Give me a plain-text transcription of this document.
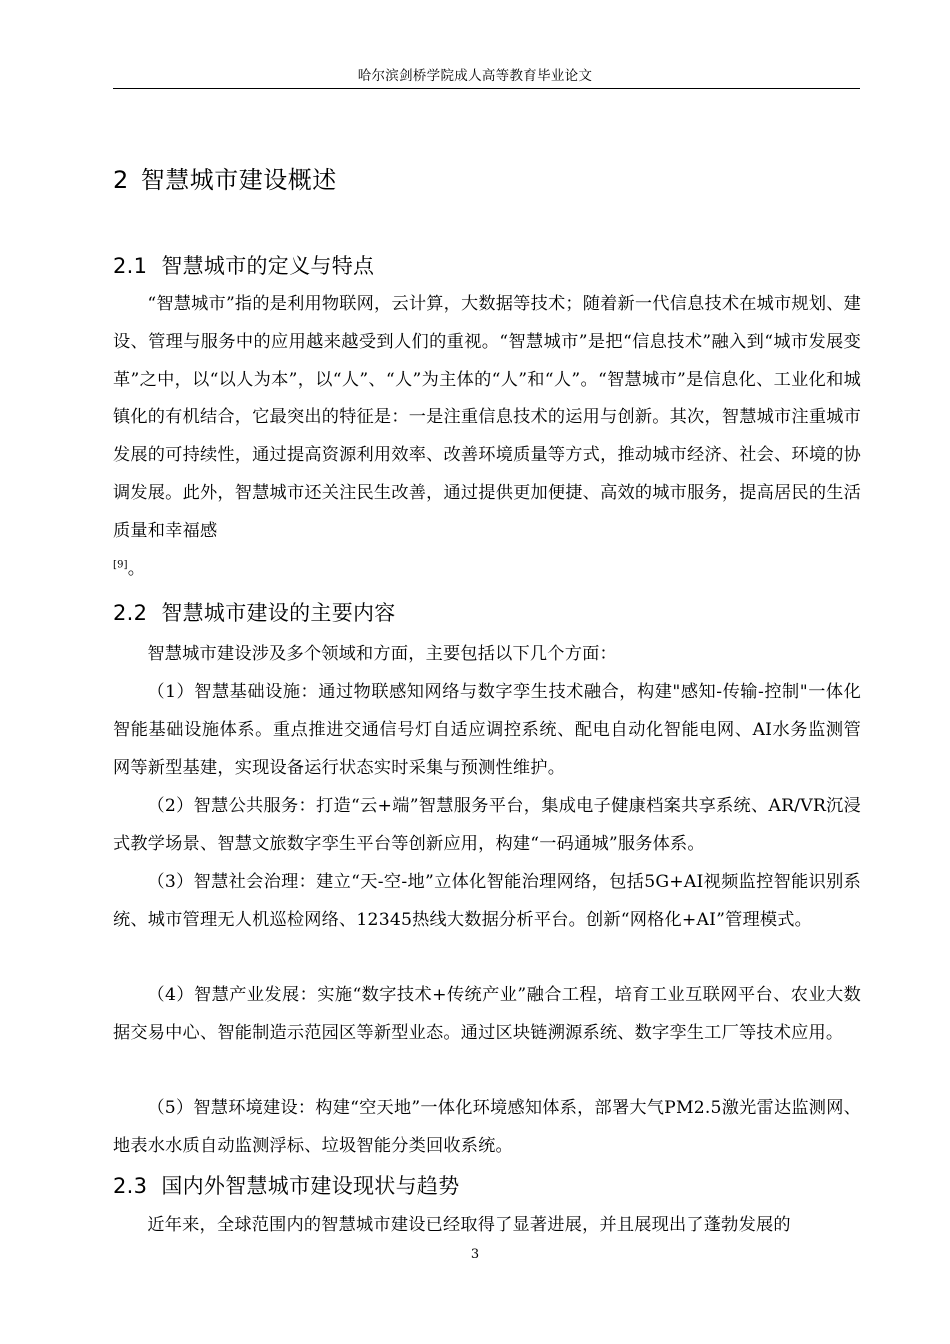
哈尔滨剑桥学院成人高等教育毕业论文
2 智慧城市建设概述
2.1 智慧城市的定义与特点

“智慧城市”指的是利用物联网，云计算，大数据等技术；随着新一代信息技术在城市规划、建设、管理与服务中的应用越来越受到人们的重视。“智慧城市”是把“信息技术”融入到“城市发展变革”之中，以“以人为本”，以“人”、“人”为主体的“人”和“人”。“智慧城市”是信息化、工业化和城镇化的有机结合，它最突出的特征是：一是注重信息技术的运用与创新。其次，智慧城市注重城市发展的可持续性，通过提高资源利用效率、改善环境质量等方式，推动城市经济、社会、环境的协调发展。此外，智慧城市还关注民生改善，通过提供更加便捷、高效的城市服务，提高居民的生活质量和幸福感
[9]。

2.2 智慧城市建设的主要内容

智慧城市建设涉及多个领域和方面，主要包括以下几个方面：

（1）智慧基础设施：通过物联感知网络与数字孪生技术融合，构建"感知-传输-控制"一体化智能基础设施体系。重点推进交通信号灯自适应调控系统、配电自动化智能电网、AI水务监测管网等新型基建，实现设备运行状态实时采集与预测性维护。

（2）智慧公共服务：打造“云+端”智慧服务平台，集成电子健康档案共享系统、AR/VR沉浸式教学场景、智慧文旅数字孪生平台等创新应用，构建“一码通城”服务体系。

（3）智慧社会治理：建立“天-空-地”立体化智能治理网络，包括5G+AI视频监控智能识别系统、城市管理无人机巡检网络、12345热线大数据分析平台。创新“网格化+AI”管理模式。

（4）智慧产业发展：实施“数字技术+传统产业”融合工程，培育工业互联网平台、农业大数据交易中心、智能制造示范园区等新型业态。通过区块链溯源系统、数字孪生工厂等技术应用。

（5）智慧环境建设：构建“空天地”一体化环境感知体系，部署大气PM2.5激光雷达监测网、地表水水质自动监测浮标、垃圾智能分类回收系统。

2.3 国内外智慧城市建设现状与趋势

近年来，全球范围内的智慧城市建设已经取得了显著进展，并且展现出了蓬勃发展的

3
